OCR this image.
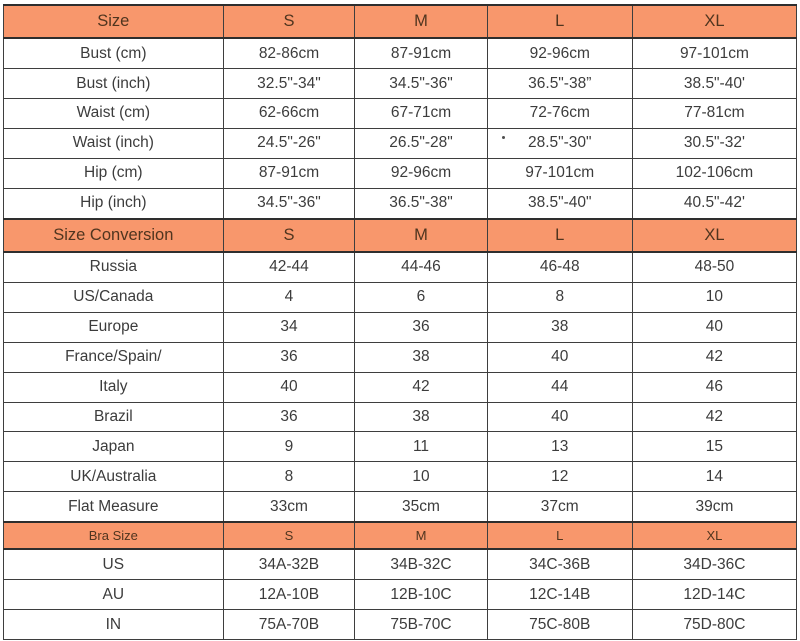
Size	S	M	L	XL
Bust (cm)	82-86cm	87-91cm	92-96cm	97-101cm
Bust (inch)	32.5"-34"	34.5"-36"	36.5"-38”	38.5"-40'
Waist (cm)	62-66cm	67-71cm	72-76cm	77-81cm
Waist (inch)	24.5"-26"	26.5"-28"	28.5"-30"	30.5"-32'
Hip (cm)	87-91cm	92-96cm	97-101cm	102-106cm
Hip (inch)	34.5"-36"	36.5"-38"	38.5"-40"	40.5"-42'
Size Conversion	S	M	L	XL
Russia	42-44	44-46	46-48	48-50
US/Canada	4	6	8	10
Europe	34	36	38	40
France/Spain/	36	38	40	42
Italy	40	42	44	46
Brazil	36	38	40	42
Japan	9	11	13	15
UK/Australia	8	10	12	14
Flat Measure	33cm	35cm	37cm	39cm
Bra Size	S	M	L	XL
US	34A-32B	34B-32C	34C-36B	34D-36C
AU	12A-10B	12B-10C	12C-14B	12D-14C
IN	75A-70B	75B-70C	75C-80B	75D-80C
